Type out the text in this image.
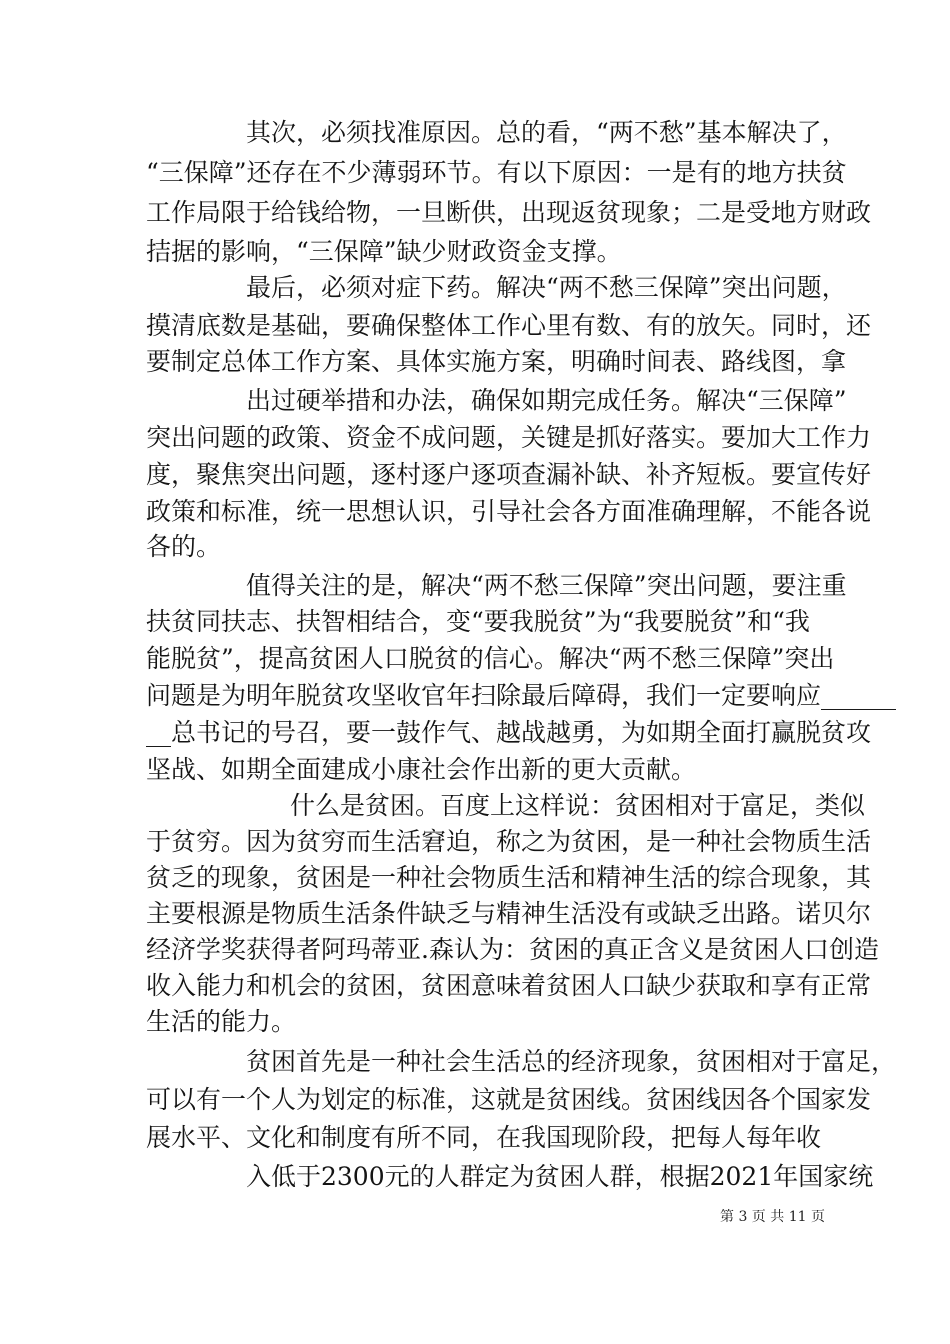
其次，必须找准原因。总的看，“两不愁”基本解决了，
“三保障”还存在不少薄弱环节。有以下原因：一是有的地方扶贫
工作局限于给钱给物，一旦断供，出现返贫现象；二是受地方财政
拮据的影响，“三保障”缺少财政资金支撑。
最后，必须对症下药。解决“两不愁三保障”突出问题，
摸清底数是基础，要确保整体工作心里有数、有的放矢。同时，还
要制定总体工作方案、具体实施方案，明确时间表、路线图，拿
出过硬举措和办法，确保如期完成任务。解决“三保障”
突出问题的政策、资金不成问题，关键是抓好落实。要加大工作力
度，聚焦突出问题，逐村逐户逐项查漏补缺、补齐短板。要宣传好
政策和标准，统一思想认识，引导社会各方面准确理解，不能各说
各的。
值得关注的是，解决“两不愁三保障”突出问题，要注重
扶贫同扶志、扶智相结合，变“要我脱贫”为“我要脱贫”和“我
能脱贫”，提高贫困人口脱贫的信心。解决“两不愁三保障”突出
问题是为明年脱贫攻坚收官年扫除最后障碍，我们一定要响应______
__总书记的号召，要一鼓作气、越战越勇，为如期全面打赢脱贫攻
坚战、如期全面建成小康社会作出新的更大贡献。
什么是贫困。百度上这样说：贫困相对于富足，类似
于贫穷。因为贫穷而生活窘迫，称之为贫困，是一种社会物质生活
贫乏的现象，贫困是一种社会物质生活和精神生活的综合现象，其
主要根源是物质生活条件缺乏与精神生活没有或缺乏出路。诺贝尔
经济学奖获得者阿玛蒂亚.森认为：贫困的真正含义是贫困人口创造
收入能力和机会的贫困，贫困意味着贫困人口缺少获取和享有正常
生活的能力。
贫困首先是一种社会生活总的经济现象，贫困相对于富足，
可以有一个人为划定的标准，这就是贫困线。贫困线因各个国家发
展水平、文化和制度有所不同，在我国现阶段，把每人每年收
入低于2300元的人群定为贫困人群，根据2021年国家统
第 3 页 共 11 页
